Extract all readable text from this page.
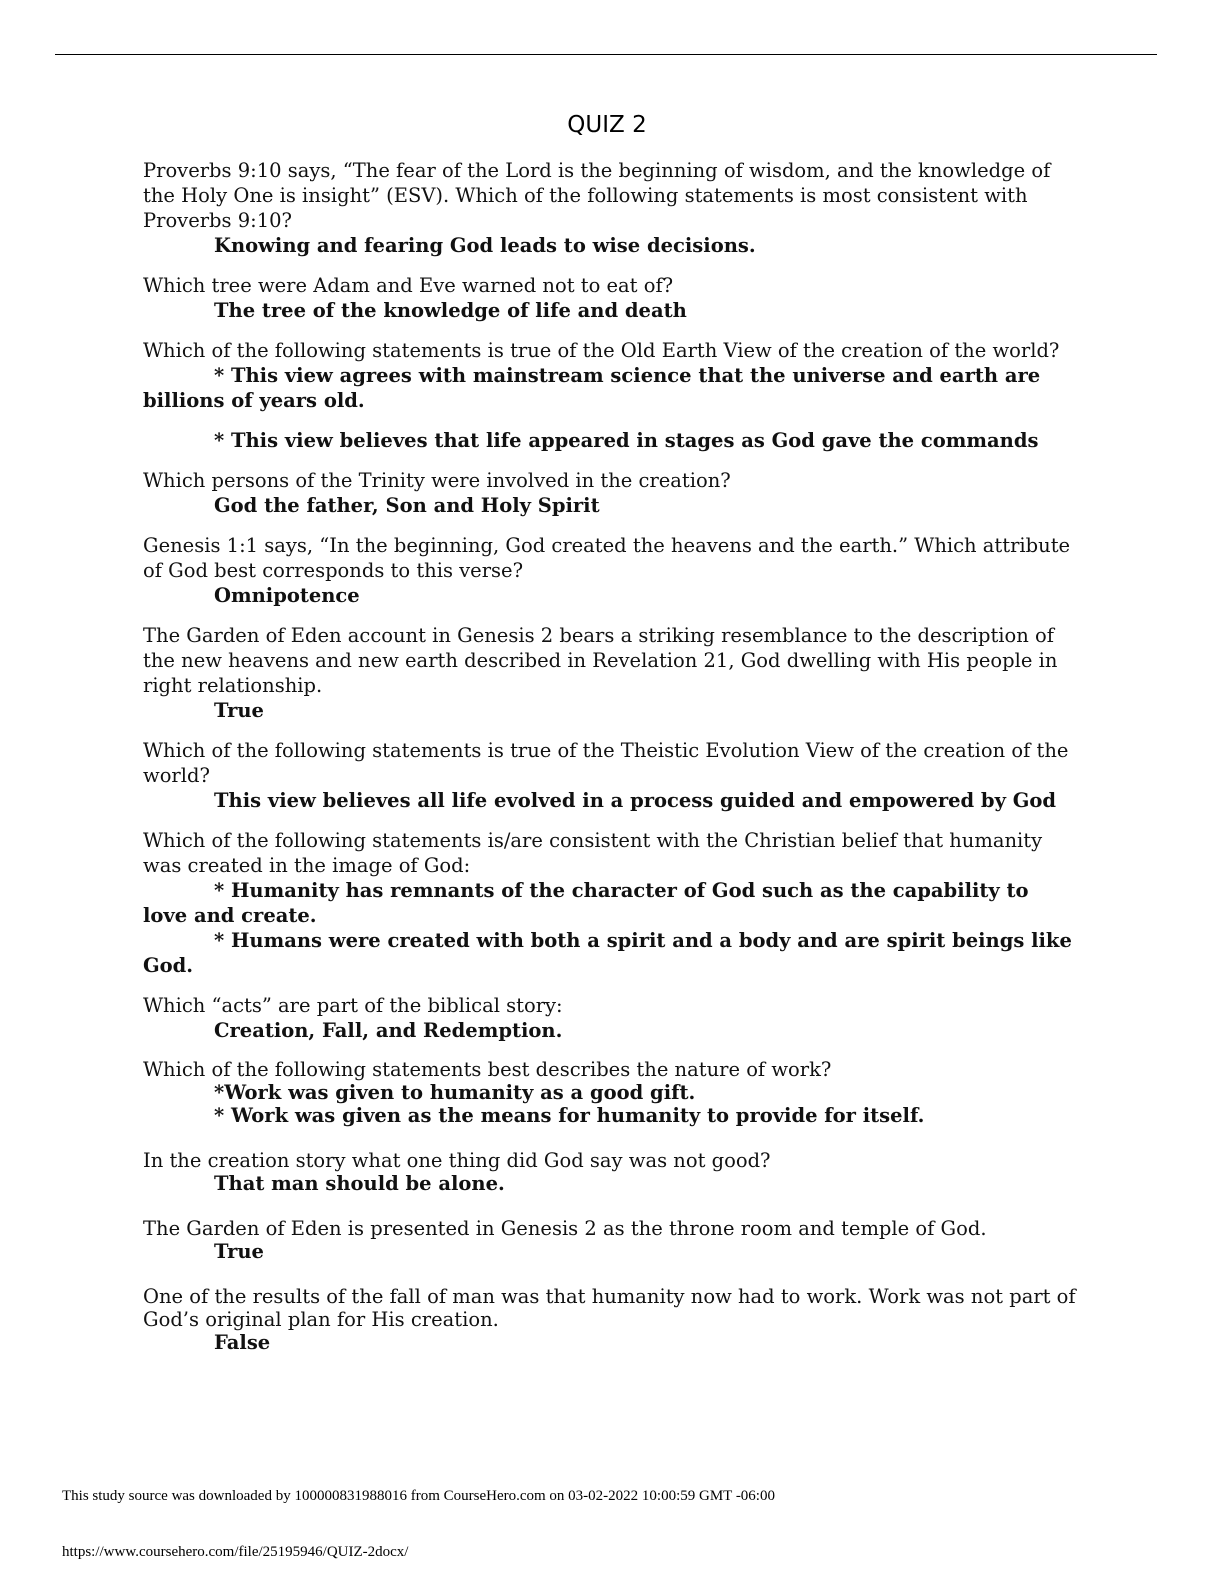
QUIZ 2

Proverbs 9:10 says, “The fear of the Lord is the beginning of wisdom, and the knowledge of the Holy One is insight” (ESV). Which of the following statements is most consistent with Proverbs 9:10?

Knowing and fearing God leads to wise decisions.

Which tree were Adam and Eve warned not to eat of?

The tree of the knowledge of life and death

Which of the following statements is true of the Old Earth View of the creation of the world?

* This view agrees with mainstream science that the universe and earth are billions of years old.

* This view believes that life appeared in stages as God gave the commands

Which persons of the Trinity were involved in the creation?

God the father, Son and Holy Spirit

Genesis 1:1 says, “In the beginning, God created the heavens and the earth.” Which attribute of God best corresponds to this verse?

Omnipotence

The Garden of Eden account in Genesis 2 bears a striking resemblance to the description of the new heavens and new earth described in Revelation 21, God dwelling with His people in right relationship.

True

Which of the following statements is true of the Theistic Evolution View of the creation of the world?

This view believes all life evolved in a process guided and empowered by God

Which of the following statements is/are consistent with the Christian belief that humanity was created in the image of God:

* Humanity has remnants of the character of God such as the capability to love and create.

* Humans were created with both a spirit and a body and are spirit beings like God.

Which “acts” are part of the biblical story:

Creation, Fall, and Redemption.

Which of the following statements best describes the nature of work?

*Work was given to humanity as a good gift.

* Work was given as the means for humanity to provide for itself.

In the creation story what one thing did God say was not good?

That man should be alone.

The Garden of Eden is presented in Genesis 2 as the throne room and temple of God.

True

One of the results of the fall of man was that humanity now had to work. Work was not part of God’s original plan for His creation.

False

This study source was downloaded by 100000831988016 from CourseHero.com on 03-02-2022 10:00:59 GMT -06:00
https://www.coursehero.com/file/25195946/QUIZ-2docx/
